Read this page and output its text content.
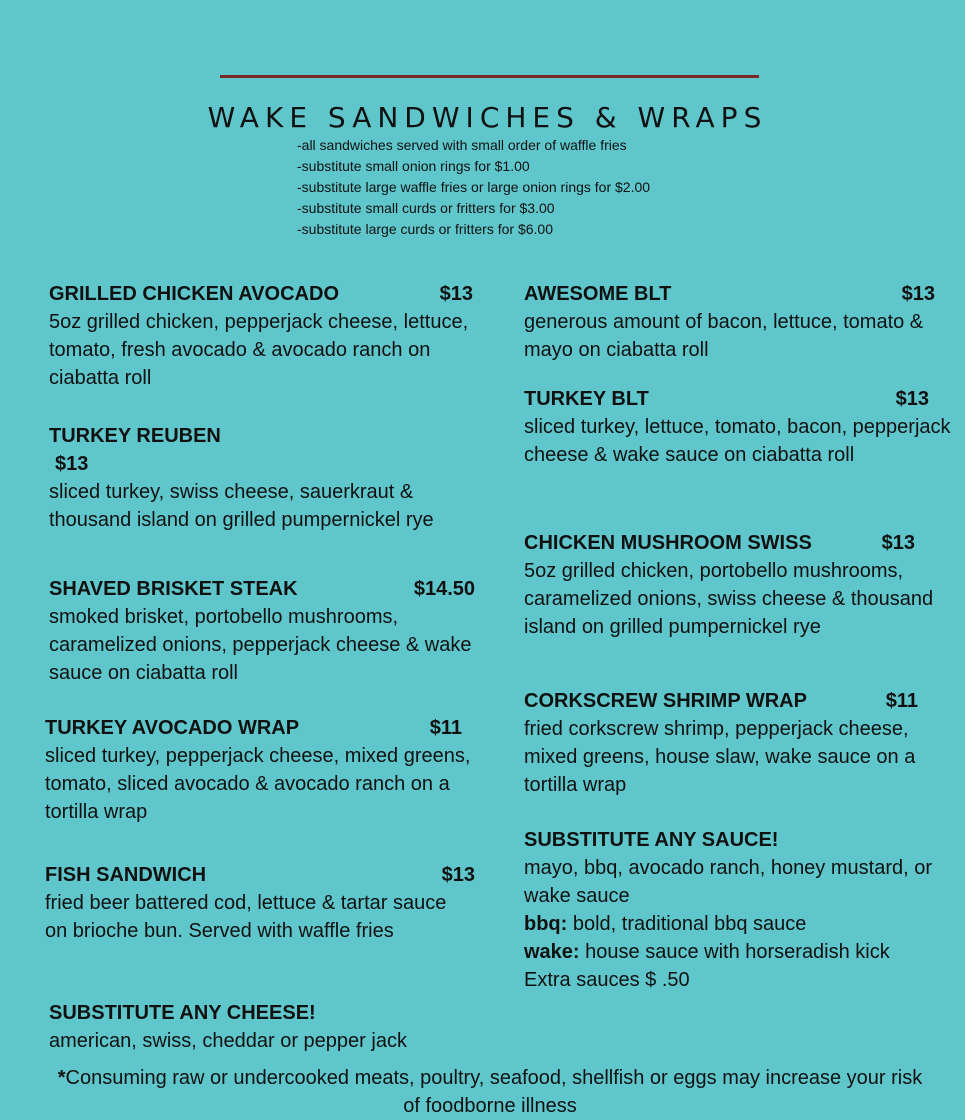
WAKE SANDWICHES & WRAPS
-all sandwiches served with small order of waffle fries
-substitute small onion rings for $1.00
-substitute large waffle fries or large onion rings for $2.00
-substitute small curds or fritters for $3.00
-substitute large curds or fritters for $6.00
GRILLED CHICKEN AVOCADO	$13

5oz grilled chicken, pepperjack cheese, lettuce, tomato, fresh avocado & avocado ranch on ciabatta roll

TURKEY REUBEN
$13

sliced turkey, swiss cheese, sauerkraut & thousand island on grilled pumpernickel rye

SHAVED BRISKET STEAK	$14.50

smoked brisket, portobello mushrooms, caramelized onions, pepperjack cheese & wake sauce on ciabatta roll

TURKEY AVOCADO WRAP	$11

sliced turkey, pepperjack cheese, mixed greens, tomato, sliced avocado & avocado ranch on a tortilla wrap

FISH SANDWICH	$13

fried beer battered cod, lettuce & tartar sauce on brioche bun. Served with waffle fries

SUBSTITUTE ANY CHEESE!

american, swiss, cheddar or pepper jack

AWESOME BLT	$13

generous amount of bacon, lettuce, tomato & mayo on ciabatta roll

TURKEY BLT	$13

sliced turkey, lettuce, tomato, bacon, pepperjack cheese & wake sauce on ciabatta roll

CHICKEN MUSHROOM SWISS	$13

5oz grilled chicken, portobello mushrooms, caramelized onions, swiss cheese & thousand island on grilled pumpernickel rye

CORKSCREW SHRIMP WRAP	$11

fried corkscrew shrimp, pepperjack cheese, mixed greens, house slaw, wake sauce on a tortilla wrap

SUBSTITUTE ANY SAUCE!

mayo, bbq, avocado ranch, honey mustard, or wake sauce

bbq: bold, traditional bbq sauce
wake: house sauce with horseradish kick
Extra sauces $ .50
*Consuming raw or undercooked meats, poultry, seafood, shellfish or eggs may increase your risk of foodborne illness
